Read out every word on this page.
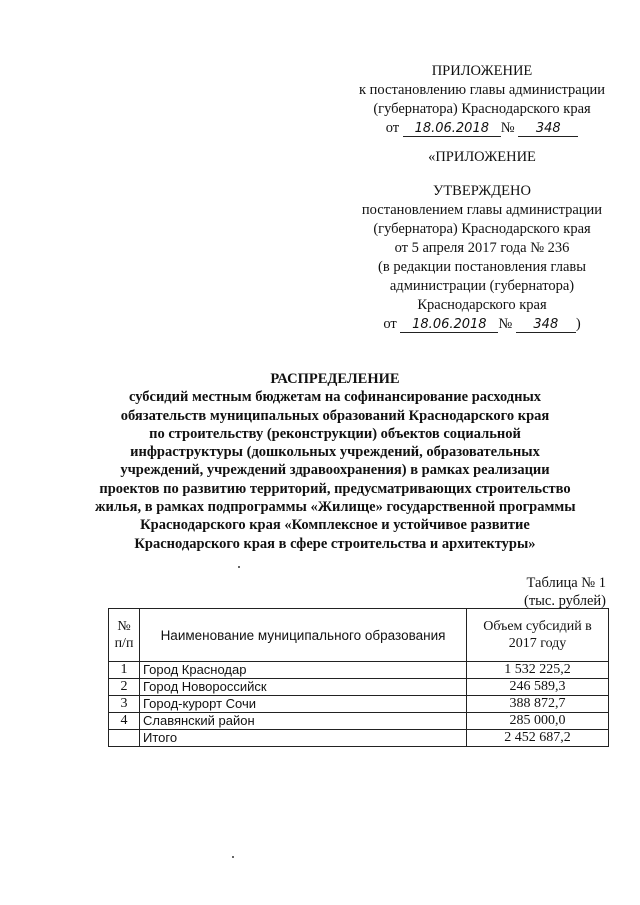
ПРИЛОЖЕНИЕ
к постановлению главы администрации
(губернатора) Краснодарского края
от 18.06.2018 № 348
«ПРИЛОЖЕНИЕ
УТВЕРЖДЕНО
постановлением главы администрации
(губернатора) Краснодарского края
от 5 апреля 2017 года № 236
(в редакции постановления главы
администрации (губернатора)
Краснодарского края
от 18.06.2018 № 348 )
РАСПРЕДЕЛЕНИЕ
субсидий местным бюджетам на софинансирование расходных
обязательств муниципальных образований Краснодарского края
по строительству (реконструкции) объектов социальной
инфраструктуры (дошкольных учреждений, образовательных
учреждений, учреждений здравоохранения) в рамках реализации
проектов по развитию территорий, предусматривающих строительство
жилья, в рамках подпрограммы «Жилище» государственной программы
Краснодарского края «Комплексное и устойчивое развитие
Краснодарского края в сфере строительства и архитектуры»
Таблица № 1
(тыс. рублей)
№ п/п	Наименование муниципального образования	Объем субсидий в 2017 году
1	Город Краснодар	1 532 225,2
2	Город Новороссийск	246 589,3
3	Город-курорт Сочи	388 872,7
4	Славянский район	285 000,0
	Итого	2 452 687,2
